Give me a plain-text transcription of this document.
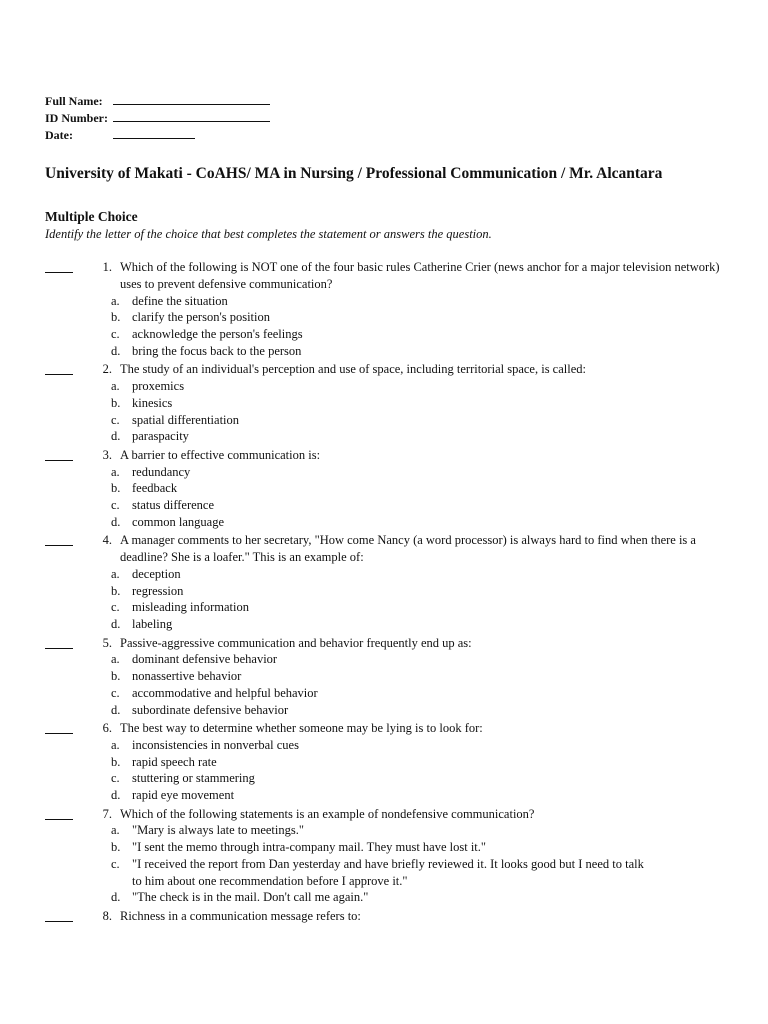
Full Name:
ID Number:
Date:
University of Makati - CoAHS/ MA in Nursing / Professional Communication / Mr. Alcantara
Multiple Choice
Identify the letter of the choice that best completes the statement or answers the question.
1. Which of the following is NOT one of the four basic rules Catherine Crier (news anchor for a major television network) uses to prevent defensive communication?
a. define the situation
b. clarify the person's position
c. acknowledge the person's feelings
d. bring the focus back to the person
2. The study of an individual's perception and use of space, including territorial space, is called:
a. proxemics
b. kinesics
c. spatial differentiation
d. paraspacity
3. A barrier to effective communication is:
a. redundancy
b. feedback
c. status difference
d. common language
4. A manager comments to her secretary, "How come Nancy (a word processor) is always hard to find when there is a deadline? She is a loafer." This is an example of:
a. deception
b. regression
c. misleading information
d. labeling
5. Passive-aggressive communication and behavior frequently end up as:
a. dominant defensive behavior
b. nonassertive behavior
c. accommodative and helpful behavior
d. subordinate defensive behavior
6. The best way to determine whether someone may be lying is to look for:
a. inconsistencies in nonverbal cues
b. rapid speech rate
c. stuttering or stammering
d. rapid eye movement
7. Which of the following statements is an example of nondefensive communication?
a. "Mary is always late to meetings."
b. "I sent the memo through intra-company mail. They must have lost it."
c. "I received the report from Dan yesterday and have briefly reviewed it. It looks good but I need to talk to him about one recommendation before I approve it."
d. "The check is in the mail. Don't call me again."
8. Richness in a communication message refers to:
